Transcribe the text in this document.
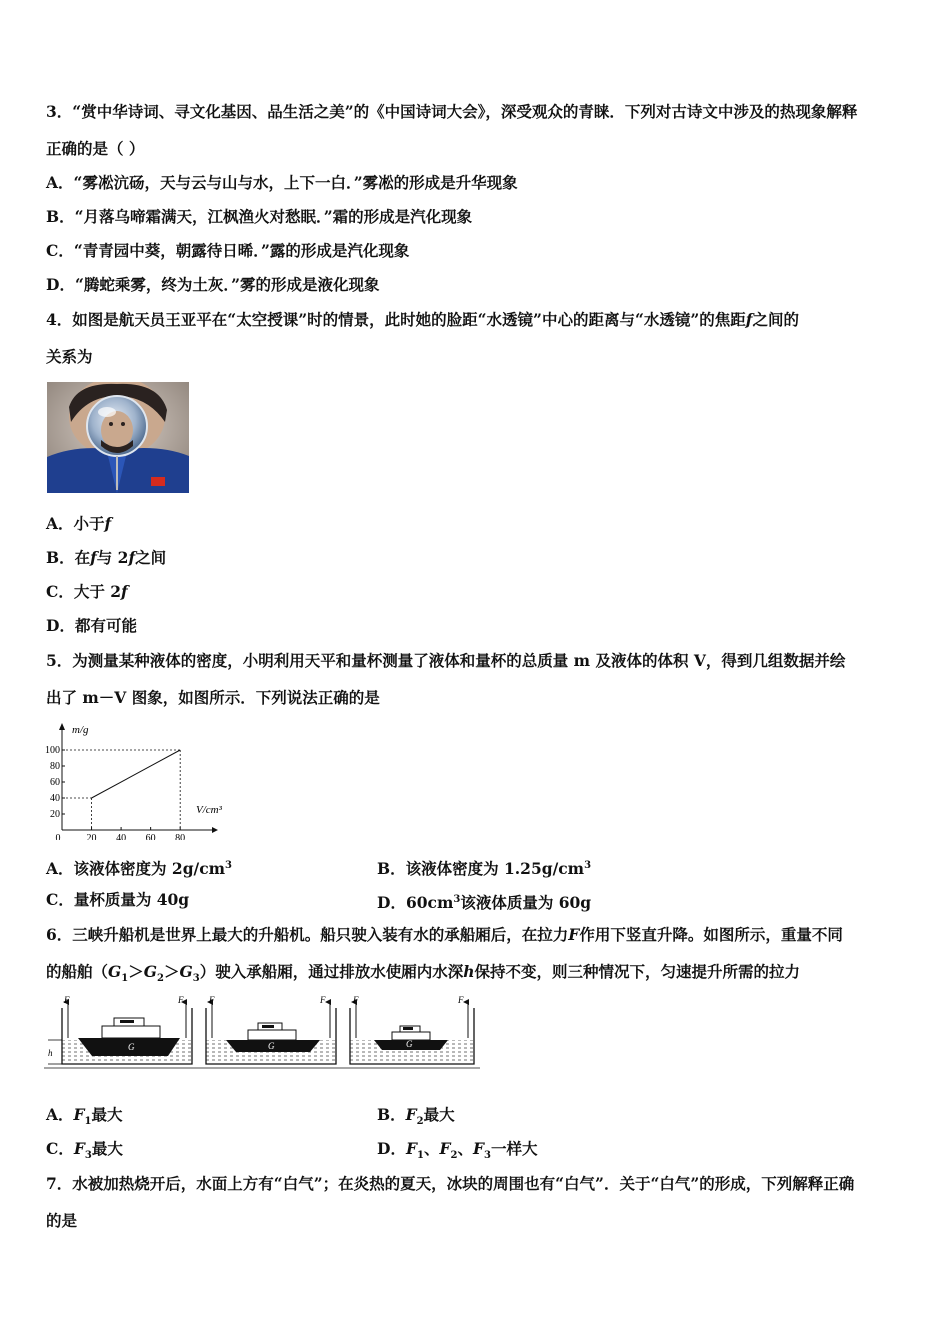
3．“赏中华诗词、寻文化基因、品生活之美”的《中国诗词大会》，深受观众的青睐．下列对古诗文中涉及的热现象解释
正确的是（ ）
A．“雾凇沆砀，天与云与山与水，上下一白．”雾凇的形成是升华现象
B．“月落乌啼霜满天，江枫渔火对愁眠．”霜的形成是汽化现象
C．“青青园中葵，朝露待日晞．”露的形成是汽化现象
D．“腾蛇乘雾，终为土灰．”雾的形成是液化现象
4．如图是航天员王亚平在“太空授课”时的情景，此时她的脸距“水透镜”中心的距离与“水透镜”的焦距f之间的
关系为
A．小于f
B．在f与 2f之间
C．大于 2f
D．都有可能
5．为测量某种液体的密度，小明利用天平和量杯测量了液体和量杯的总质量 m 及液体的体积 V，得到几组数据并绘
出了 m－V 图象，如图所示．下列说法正确的是
0	20 40 60 80
20
40
60
80
100
m/g
V/cm³
A．该液体密度为 $2g/cm^3$	B．该液体密度为 $1.25g/cm^3$
C．量杯质量为 40g	D．$60cm^3$该液体质量为 60g
6．三峡升船机是世界上最大的升船机。船只驶入装有水的承船厢后，在拉力F作用下竖直升降。如图所示，重量不同
的船舶$(G_1>G_2>G_3)$驶入承船厢，通过排放水使厢内水深h保持不变，则三种情况下，匀速提升所需的拉力
G
F	F
h
G
F	F
G
F	F
A．$F_1$最大	B．$F_2$最大
C．$F_3$最大	D．$F_1$、$F_2$、$F_3$一样大
7．水被加热烧开后，水面上方有“白气”；在炎热的夏天，冰块的周围也有“白气”．关于“白气”的形成，下列解释正确
的是
